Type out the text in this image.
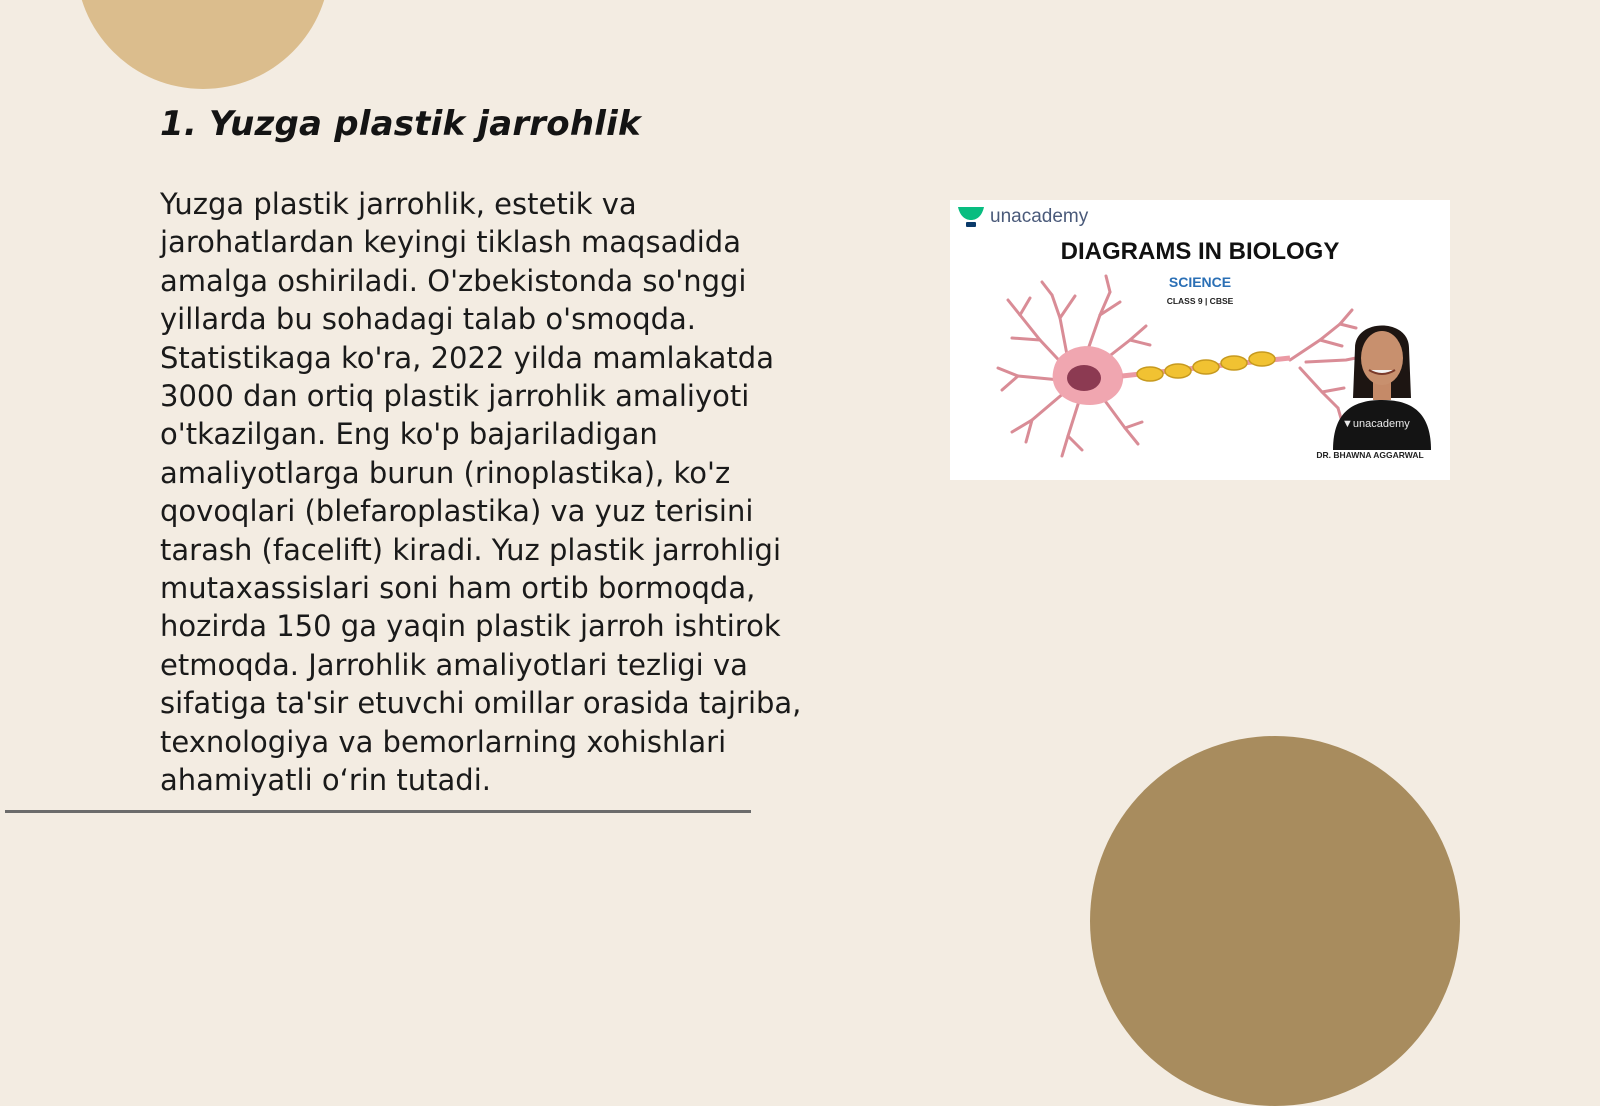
1. Yuzga plastik jarrohlik

Yuzga plastik jarrohlik, estetik va jarohatlardan keyingi tiklash maqsadida amalga oshiriladi. O'zbekistonda so'nggi yillarda bu sohadagi talab o'smoqda. Statistikaga ko'ra, 2022 yilda mamlakatda 3000 dan ortiq plastik jarrohlik amaliyoti o'tkazilgan. Eng ko'p bajariladigan amaliyotlarga burun (rinoplastika), ko'z qovoqlari (blefaroplastika) va yuz terisini tarash (facelift) kiradi. Yuz plastik jarrohligi mutaxassislari soni ham ortib bormoqda, hozirda 150 ga yaqin plastik jarroh ishtirok etmoqda. Jarrohlik amaliyotlari tezligi va sifatiga ta'sir etuvchi omillar orasida tajriba, texnologiya va bemorlarning xohishlari ahamiyatli o‘rin tutadi.

unacademy
DIAGRAMS IN BIOLOGY
SCIENCE
CLASS 9 | CBSE
▼ unacademy
DR. BHAWNA AGGARWAL
